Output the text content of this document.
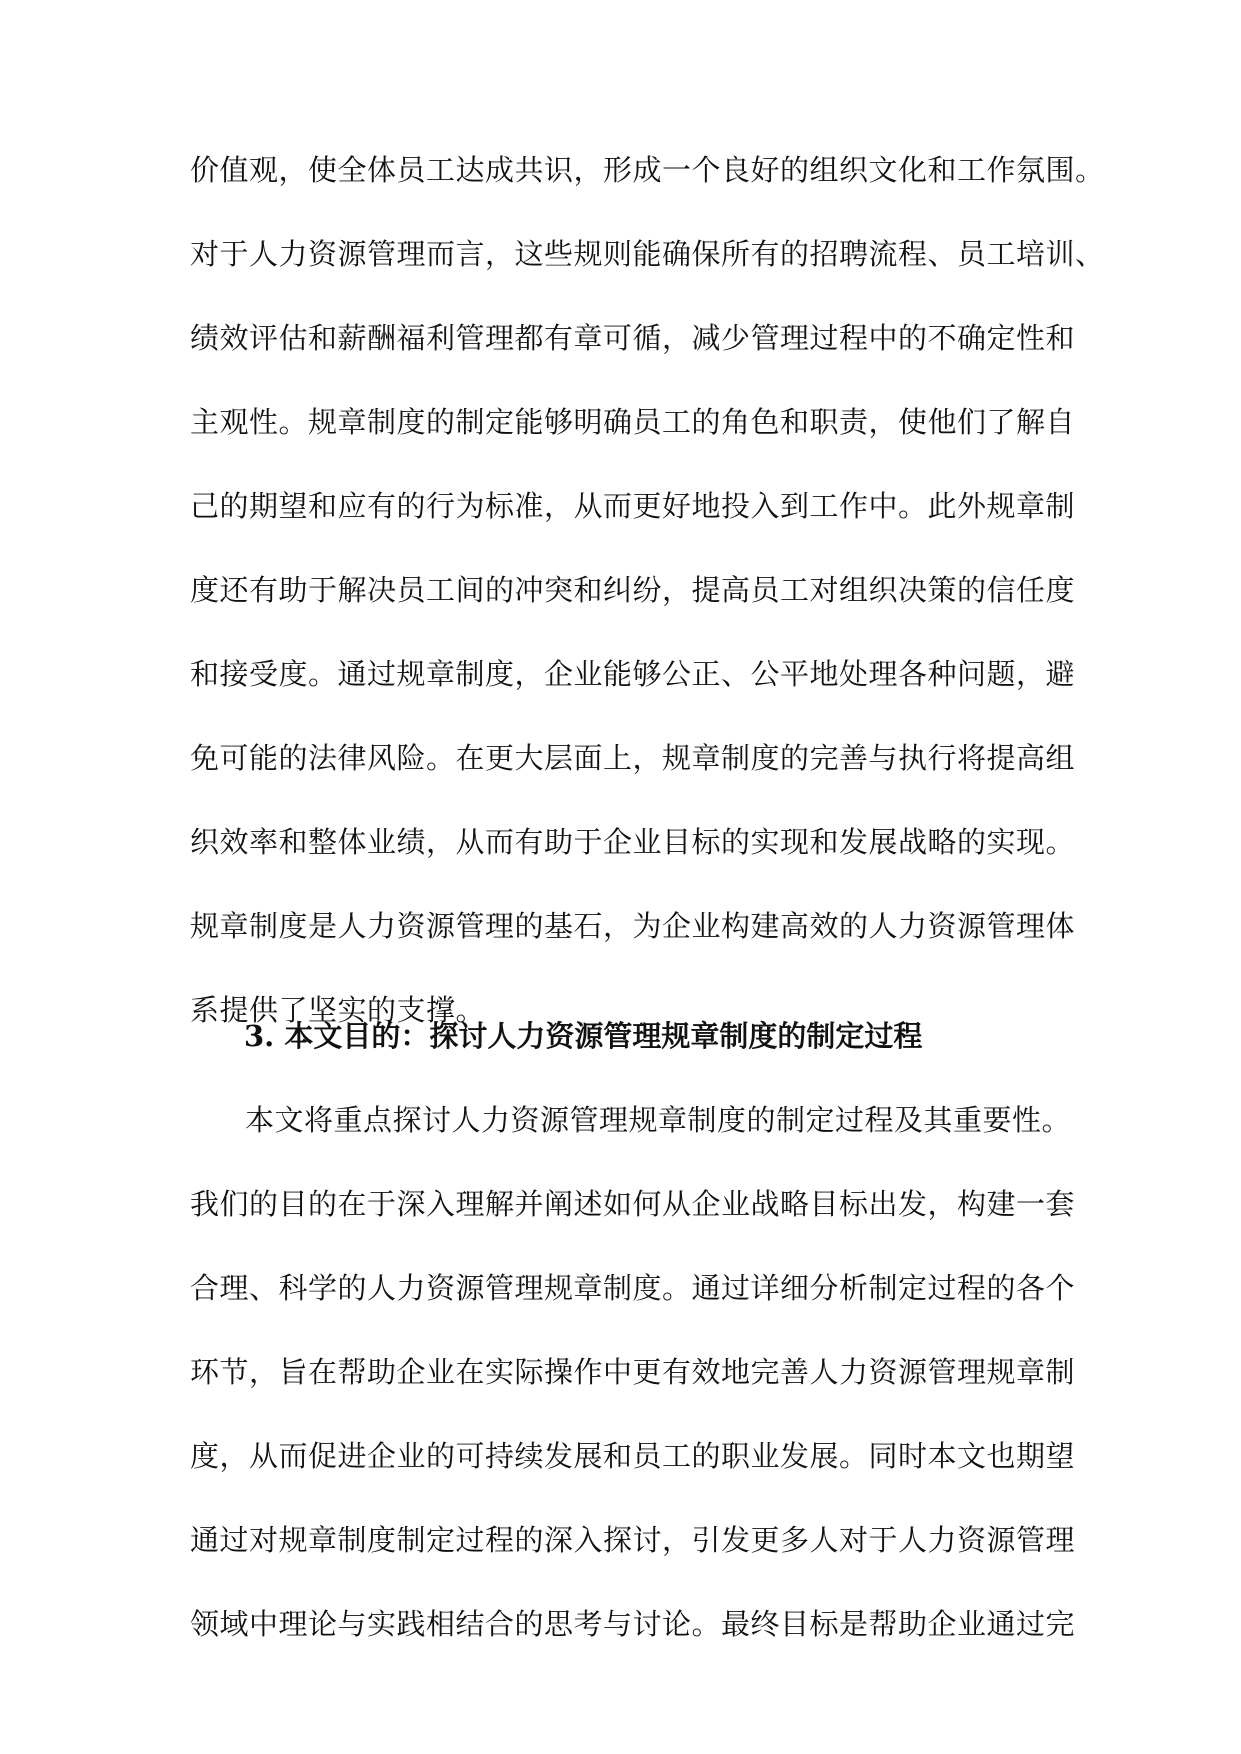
价值观，使全体员工达成共识，形成一个良好的组织文化和工作氛围。
对于人力资源管理而言，这些规则能确保所有的招聘流程、员工培训、
绩效评估和薪酬福利管理都有章可循，减少管理过程中的不确定性和
主观性。规章制度的制定能够明确员工的角色和职责，使他们了解自
己的期望和应有的行为标准，从而更好地投入到工作中。此外规章制
度还有助于解决员工间的冲突和纠纷，提高员工对组织决策的信任度
和接受度。通过规章制度，企业能够公正、公平地处理各种问题，避
免可能的法律风险。在更大层面上，规章制度的完善与执行将提高组
织效率和整体业绩，从而有助于企业目标的实现和发展战略的实现。
规章制度是人力资源管理的基石，为企业构建高效的人力资源管理体
系提供了坚实的支撑。
3. 本文目的：探讨人力资源管理规章制度的制定过程
本文将重点探讨人力资源管理规章制度的制定过程及其重要性。
我们的目的在于深入理解并阐述如何从企业战略目标出发，构建一套
合理、科学的人力资源管理规章制度。通过详细分析制定过程的各个
环节，旨在帮助企业在实际操作中更有效地完善人力资源管理规章制
度，从而促进企业的可持续发展和员工的职业发展。同时本文也期望
通过对规章制度制定过程的深入探讨，引发更多人对于人力资源管理
领域中理论与实践相结合的思考与讨论。最终目标是帮助企业通过完
